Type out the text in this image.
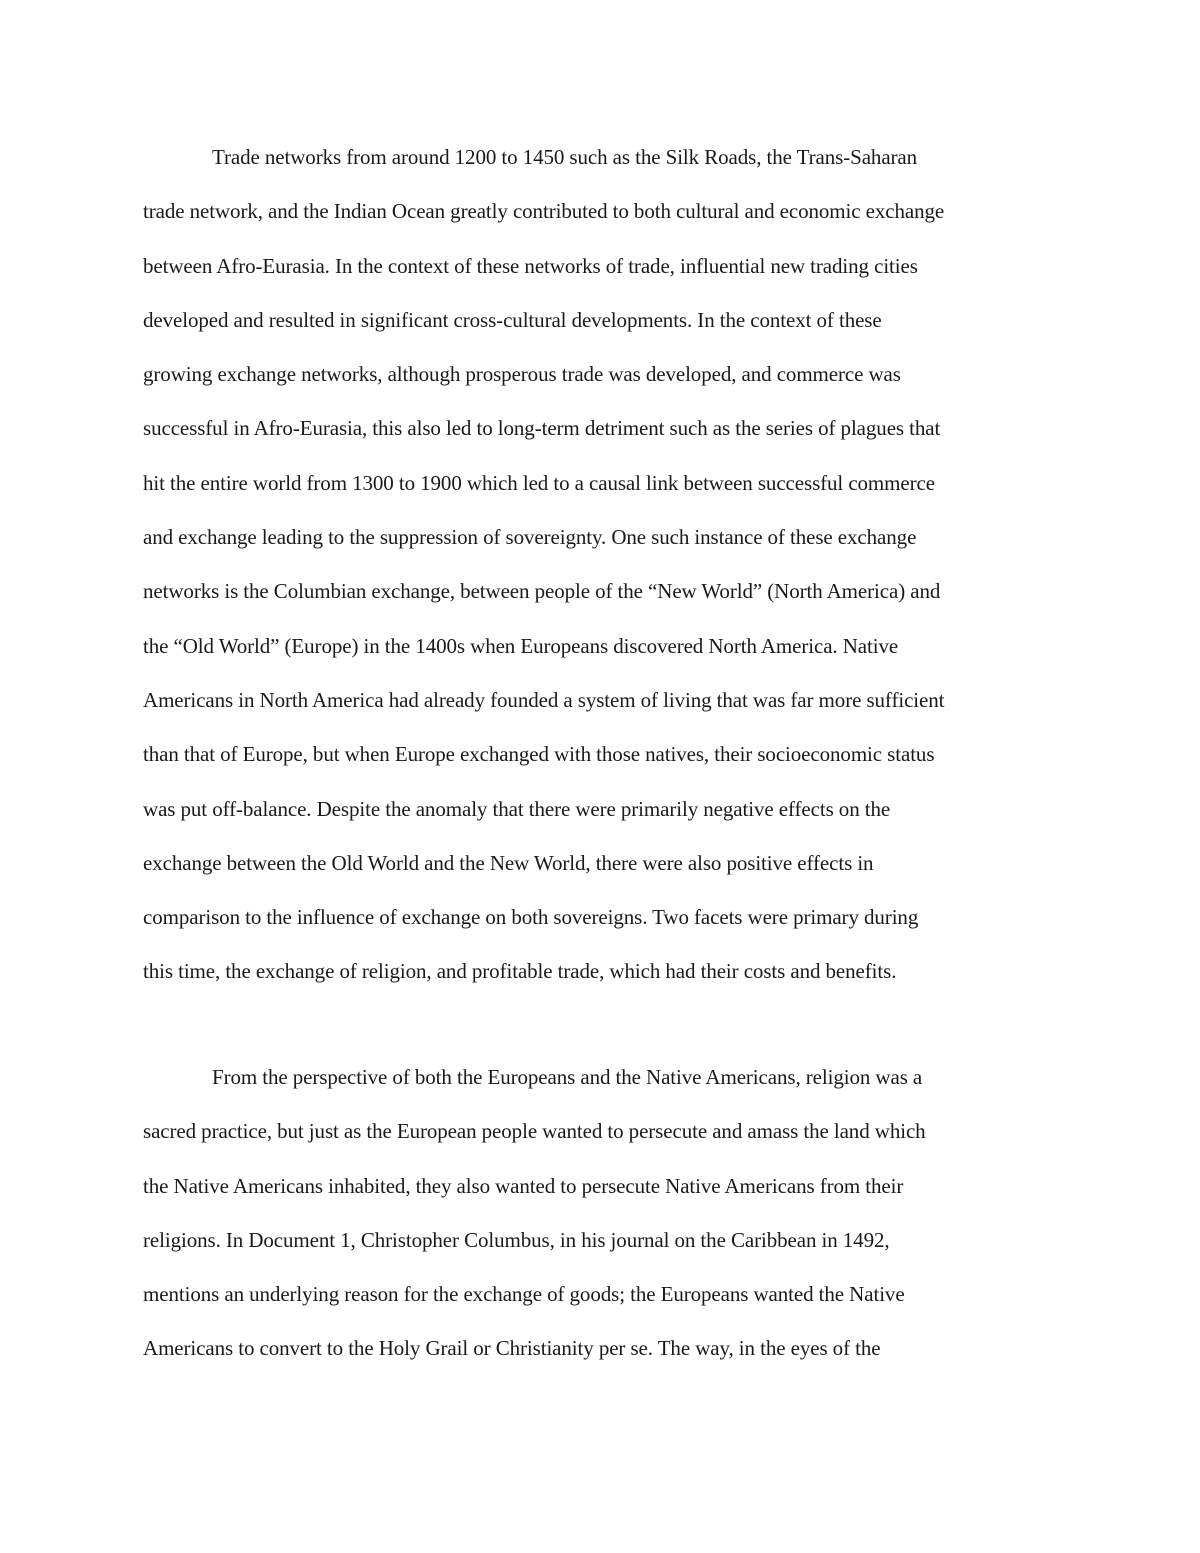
Trade networks from around 1200 to 1450 such as the Silk Roads, the Trans-Saharan
trade network, and the Indian Ocean greatly contributed to both cultural and economic exchange
between Afro-Eurasia. In the context of these networks of trade, influential new trading cities
developed and resulted in significant cross-cultural developments. In the context of these
growing exchange networks, although prosperous trade was developed, and commerce was
successful in Afro-Eurasia, this also led to long-term detriment such as the series of plagues that
hit the entire world from 1300 to 1900 which led to a causal link between successful commerce
and exchange leading to the suppression of sovereignty. One such instance of these exchange
networks is the Columbian exchange, between people of the “New World” (North America) and
the “Old World” (Europe) in the 1400s when Europeans discovered North America. Native
Americans in North America had already founded a system of living that was far more sufficient
than that of Europe, but when Europe exchanged with those natives, their socioeconomic status
was put off-balance. Despite the anomaly that there were primarily negative effects on the
exchange between the Old World and the New World, there were also positive effects in
comparison to the influence of exchange on both sovereigns. Two facets were primary during
this time, the exchange of religion, and profitable trade, which had their costs and benefits.
From the perspective of both the Europeans and the Native Americans, religion was a
sacred practice, but just as the European people wanted to persecute and amass the land which
the Native Americans inhabited, they also wanted to persecute Native Americans from their
religions. In Document 1, Christopher Columbus, in his journal on the Caribbean in 1492,
mentions an underlying reason for the exchange of goods; the Europeans wanted the Native
Americans to convert to the Holy Grail or Christianity per se. The way, in the eyes of the
